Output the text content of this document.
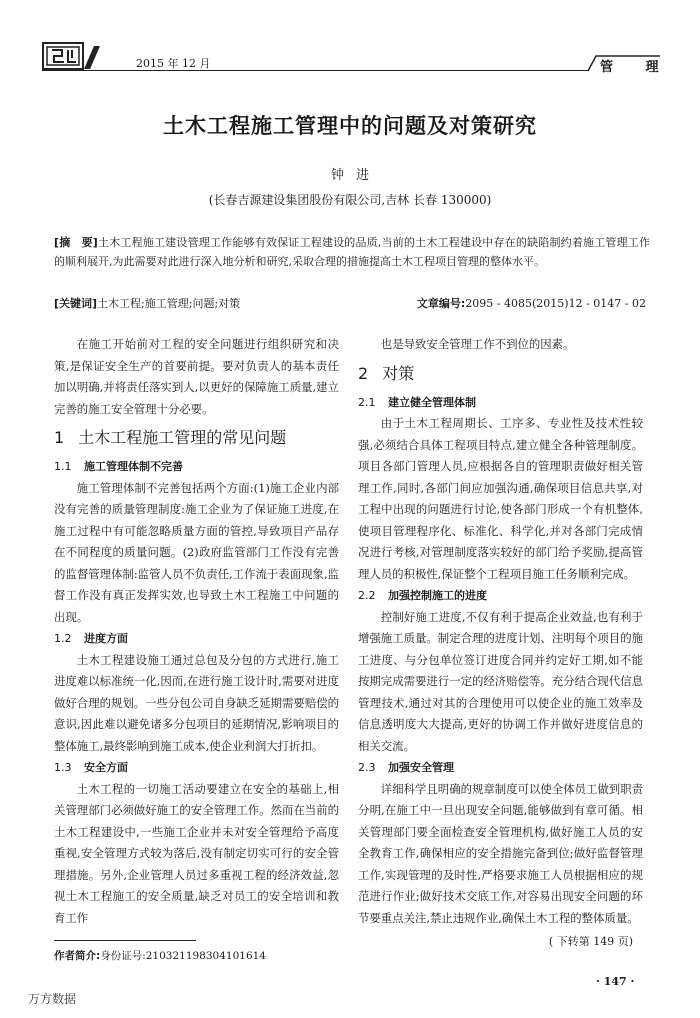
2015 年 12 月	管 理
土木工程施工管理中的问题及对策研究
钟进
(长春吉源建设集团股份有限公司,吉林 长春 130000)
[摘　要]土木工程施工建设管理工作能够有效保证工程建设的品质,当前的土木工程建设中存在的缺陷制约着施工管理工作的顺利展开,为此需要对此进行深入地分析和研究,采取合理的措施提高土木工程项目管理的整体水平。
[关键词]土木工程;施工管理;问题;对策	文章编号:2095 - 4085(2015)12 - 0147 - 02

在施工开始前对工程的安全问题进行组织研究和决策,是保证安全生产的首要前提。要对负责人的基本责任加以明确,并将责任落实到人,以更好的保障施工质量,建立完善的施工安全管理十分必要。

1 土木工程施工管理的常见问题
1.1 施工管理体制不完善

施工管理体制不完善包括两个方面:(1)施工企业内部没有完善的质量管理制度:施工企业为了保证施工进度,在施工过程中有可能忽略质量方面的管控,导致项目产品存在不同程度的质量问题。(2)政府监管部门工作没有完善的监督管理体制:监管人员不负责任,工作流于表面现象,监督工作没有真正发挥实效,也导致土木工程施工中问题的出现。

1.2 进度方面

土木工程建设施工通过总包及分包的方式进行,施工进度难以标准统一化,因而,在进行施工设计时,需要对进度做好合理的规划。一些分包公司自身缺乏延期需要赔偿的意识,因此难以避免诸多分包项目的延期情况,影响项目的整体施工,最终影响到施工成本,使企业利润大打折扣。

1.3 安全方面

土木工程的一切施工活动要建立在安全的基础上,相关管理部门必须做好施工的安全管理工作。然而在当前的土木工程建设中,一些施工企业并未对安全管理给予高度重视,安全管理方式较为落后,没有制定切实可行的安全管理措施。另外,企业管理人员过多重视工程的经济效益,忽视土木工程施工的安全质量,缺乏对员工的安全培训和教育工作

也是导致安全管理工作不到位的因素。

2 对策
2.1 建立健全管理体制

由于土木工程周期长、工序多、专业性及技术性较强,必须结合具体工程项目特点,建立健全各种管理制度。项目各部门管理人员,应根据各自的管理职责做好相关管理工作,同时,各部门间应加强沟通,确保项目信息共享,对工程中出现的问题进行讨论,使各部门形成一个有机整体,使项目管理程序化、标准化、科学化,并对各部门完成情况进行考核,对管理制度落实较好的部门给予奖励,提高管理人员的积极性,保证整个工程项目施工任务顺利完成。

2.2 加强控制施工的进度

控制好施工进度,不仅有利于提高企业效益,也有利于增强施工质量。制定合理的进度计划、注明每个项目的施工进度、与分包单位签订进度合同并约定好工期,如不能按期完成需要进行一定的经济赔偿等。充分结合现代信息管理技术,通过对其的合理使用可以使企业的施工效率及信息透明度大大提高,更好的协调工作并做好进度信息的相关交流。

2.3 加强安全管理

详细科学且明确的规章制度可以使全体员工做到职责分明,在施工中一旦出现安全问题,能够做到有章可循。相关管理部门要全面检查安全管理机构,做好施工人员的安全教育工作,确保相应的安全措施完备到位;做好监督管理工作,实现管理的及时性,严格要求施工人员根据相应的规范进行作业;做好技术交底工作,对容易出现安全问题的环节要重点关注,禁止违规作业,确保土木工程的整体质量。

( 下转第 149 页)
作者简介:身份证号:210321198304101614
· 147 ·
万方数据
